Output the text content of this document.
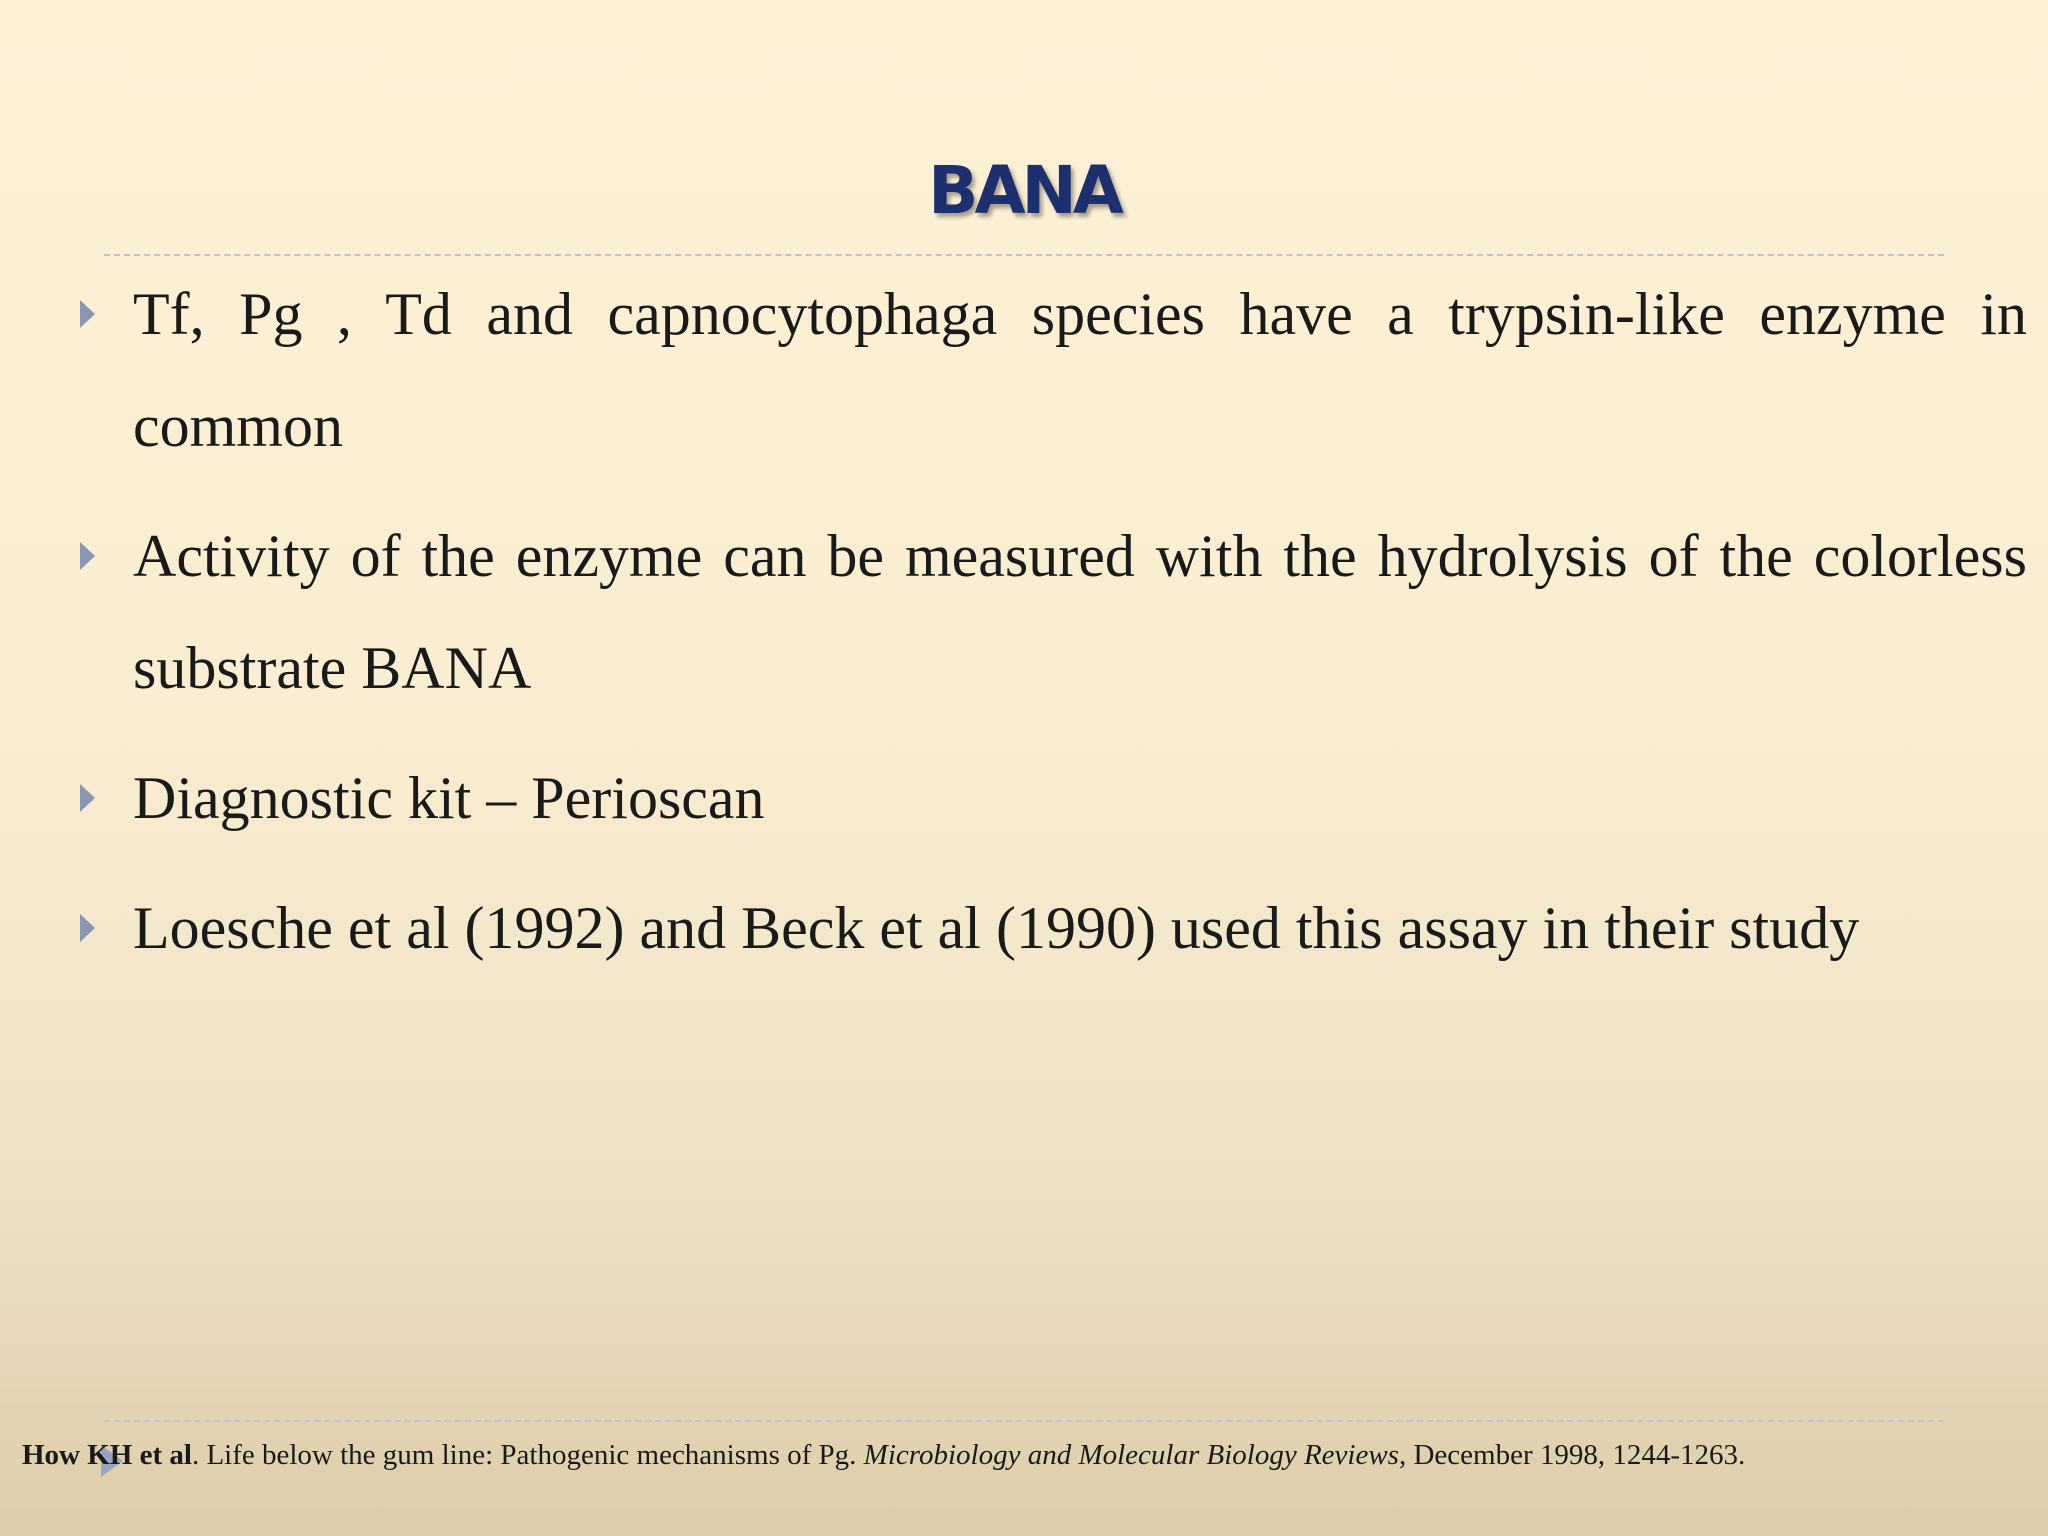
BANA
Tf, Pg , Td and capnocytophaga species have a trypsin-like enzyme in common
Activity of the enzyme can be measured with the hydrolysis of the colorless substrate BANA
Diagnostic kit – Perioscan
Loesche et al (1992) and Beck et al (1990) used this assay in their study
How KH et al. Life below the gum line: Pathogenic mechanisms of Pg. Microbiology and Molecular Biology Reviews, December 1998, 1244-1263.
